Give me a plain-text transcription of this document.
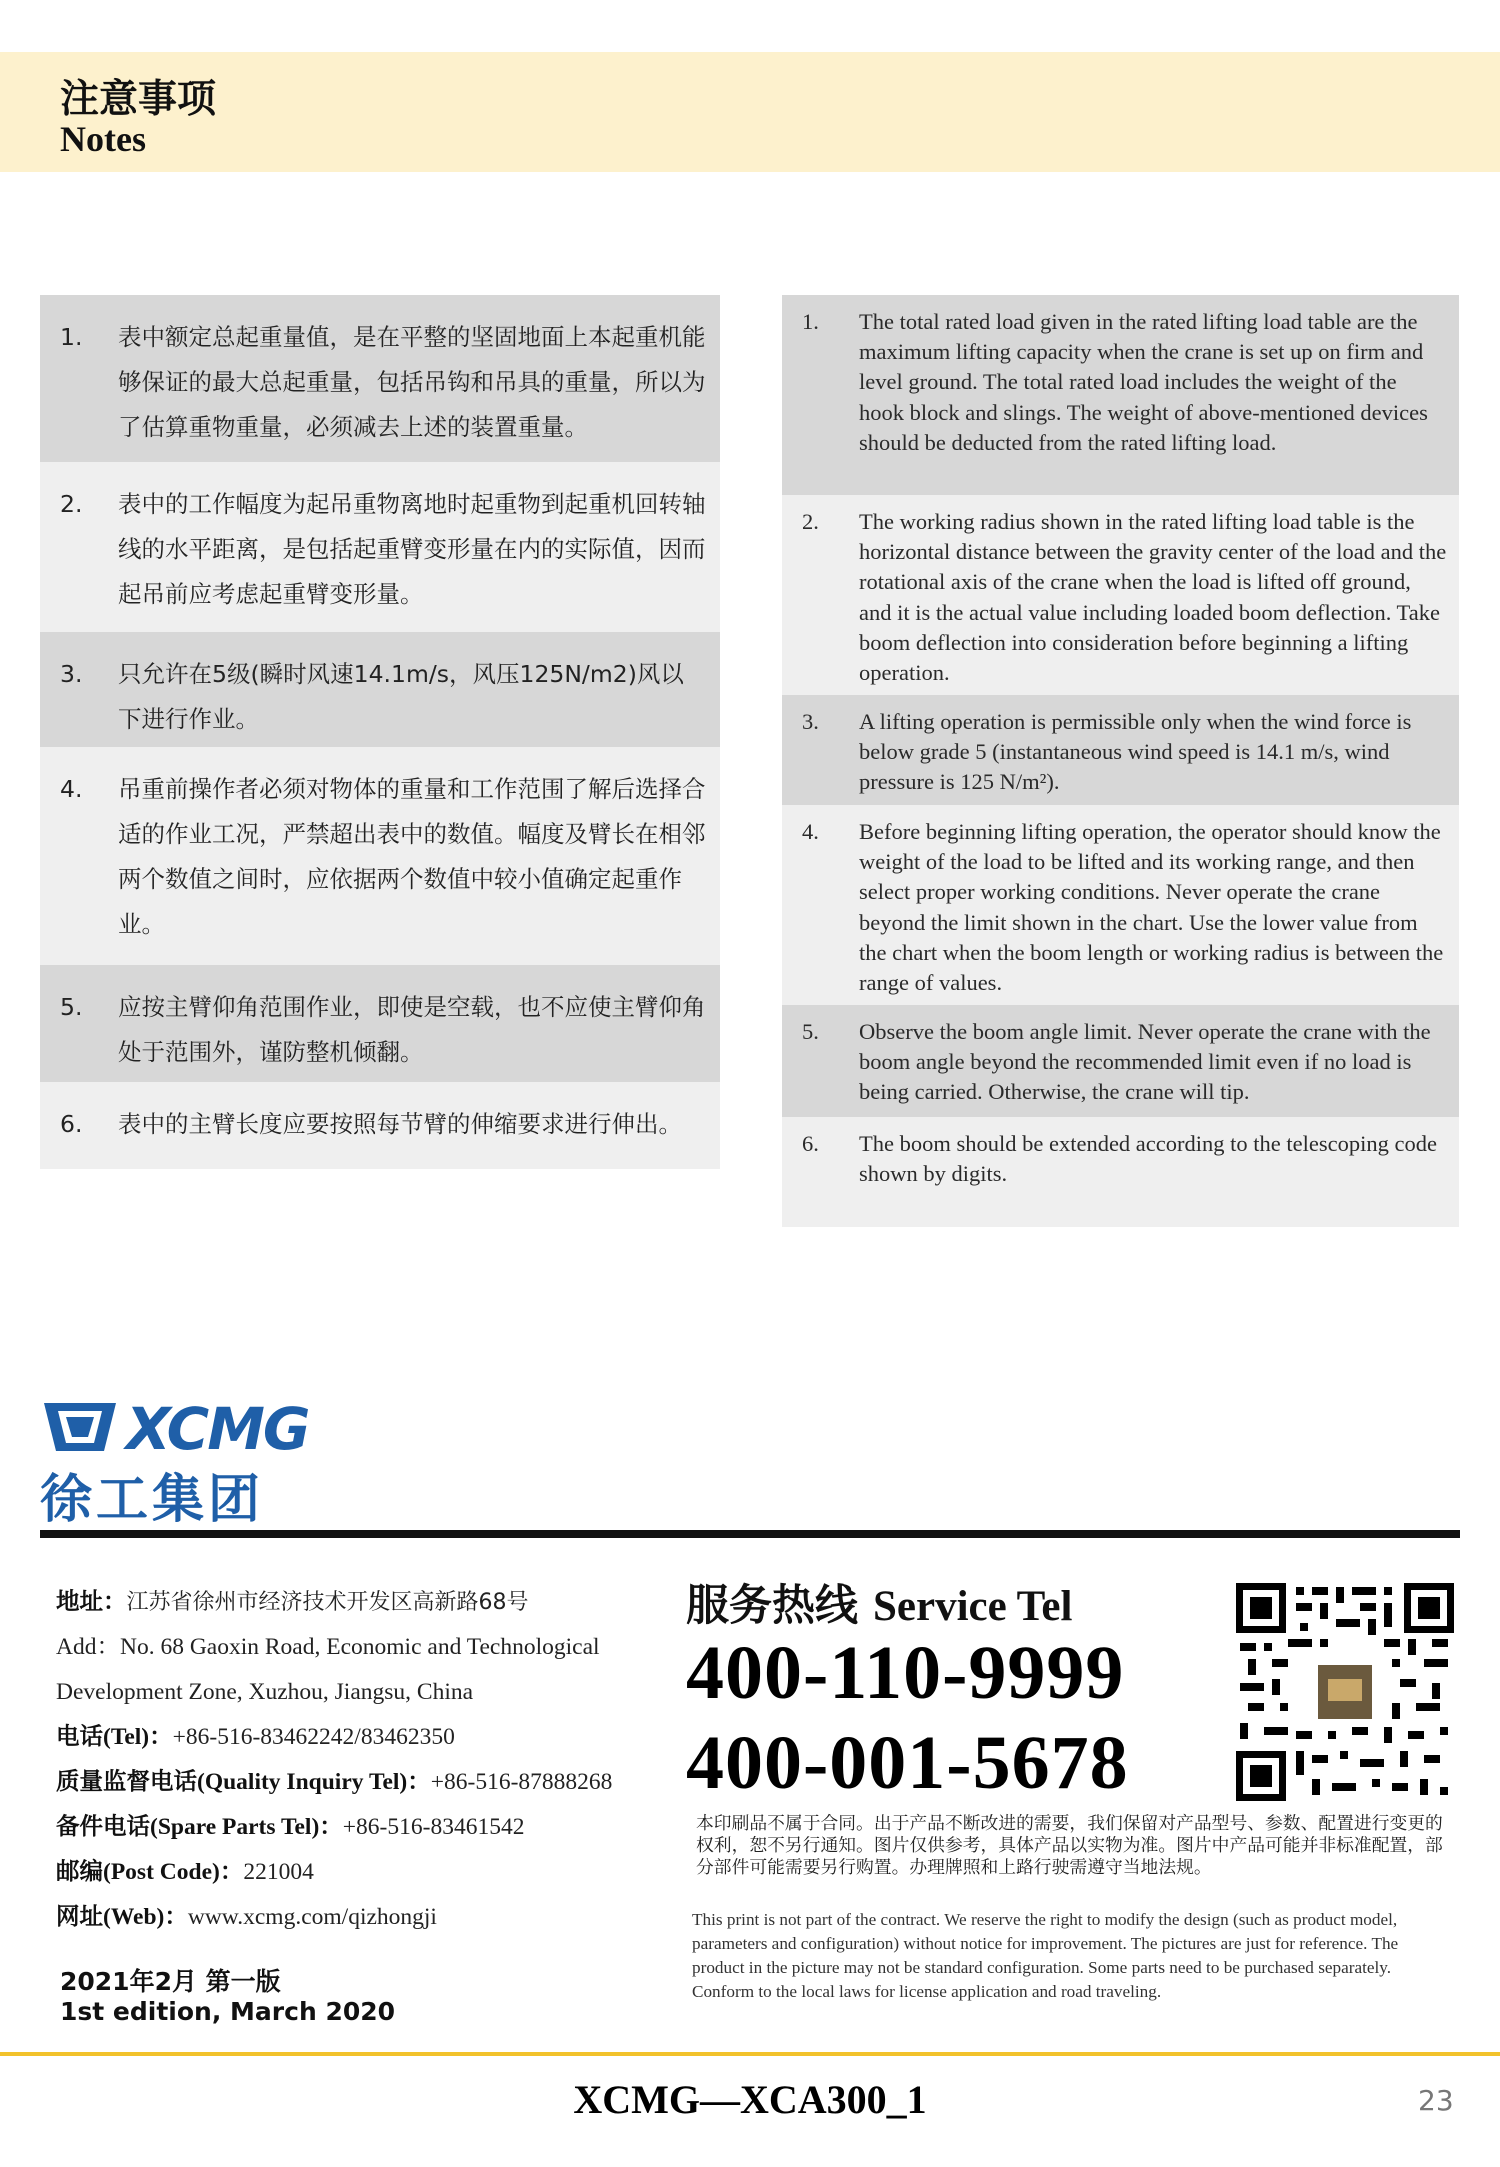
注意事项
Notes
1. 表中额定总起重量值，是在平整的坚固地面上本起重机能够保证的最大总起重量，包括吊钩和吊具的重量，所以为了估算重物重量，必须减去上述的装置重量。
2. 表中的工作幅度为起吊重物离地时起重物到起重机回转轴线的水平距离，是包括起重臂变形量在内的实际值，因而起吊前应考虑起重臂变形量。
3. 只允许在5级(瞬时风速14.1m/s，风压125N/m2)风以下进行作业。
4. 吊重前操作者必须对物体的重量和工作范围了解后选择合适的作业工况，严禁超出表中的数值。幅度及臂长在相邻两个数值之间时，应依据两个数值中较小值确定起重作业。
5. 应按主臂仰角范围作业，即使是空载，也不应使主臂仰角处于范围外，谨防整机倾翻。
6. 表中的主臂长度应要按照每节臂的伸缩要求进行伸出。
1. The total rated load given in the rated lifting load table are the maximum lifting capacity when the crane is set up on firm and level ground. The total rated load includes the weight of the hook block and slings. The weight of above-mentioned devices should be deducted from the rated lifting load.
2. The working radius shown in the rated lifting load table is the horizontal distance between the gravity center of the load and the rotational axis of the crane when the load is lifted off ground, and it is the actual value including loaded boom deflection. Take boom deflection into consideration before beginning a lifting operation.
3. A lifting operation is permissible only when the wind force is below grade 5 (instantaneous wind speed is 14.1 m/s, wind pressure is 125 N/m²).
4. Before beginning lifting operation, the operator should know the weight of the load to be lifted and its working range, and then select proper working conditions. Never operate the crane beyond the limit shown in the chart. Use the lower value from the chart when the boom length or working radius is between the range of values.
5. Observe the boom angle limit. Never operate the crane with the boom angle beyond the recommended limit even if no load is being carried. Otherwise, the crane will tip.
6. The boom should be extended according to the telescoping code shown by digits.
XCMG
徐工集团
地址：江苏省徐州市经济技术开发区高新路68号
Add：No. 68 Gaoxin Road, Economic and Technological
Development Zone, Xuzhou, Jiangsu, China
电话(Tel)：+86-516-83462242/83462350
质量监督电话(Quality Inquiry Tel)：+86-516-87888268
备件电话(Spare Parts Tel)：+86-516-83461542
邮编(Post Code)：221004
网址(Web)：www.xcmg.com/qizhongji
2021年2月 第一版
1st edition, March 2020
服务热线 Service Tel
400-110-9999
400-001-5678
本印刷品不属于合同。出于产品不断改进的需要，我们保留对产品型号、参数、配置进行变更的权利，恕不另行通知。图片仅供参考，具体产品以实物为准。图片中产品可能并非标准配置，部分部件可能需要另行购置。办理牌照和上路行驶需遵守当地法规。
This print is not part of the contract. We reserve the right to modify the design (such as product model, parameters and configuration) without notice for improvement. The pictures are just for reference. The product in the picture may not be standard configuration. Some parts need to be purchased separately. Conform to the local laws for license application and road traveling.
XCMG—XCA300_1	23
